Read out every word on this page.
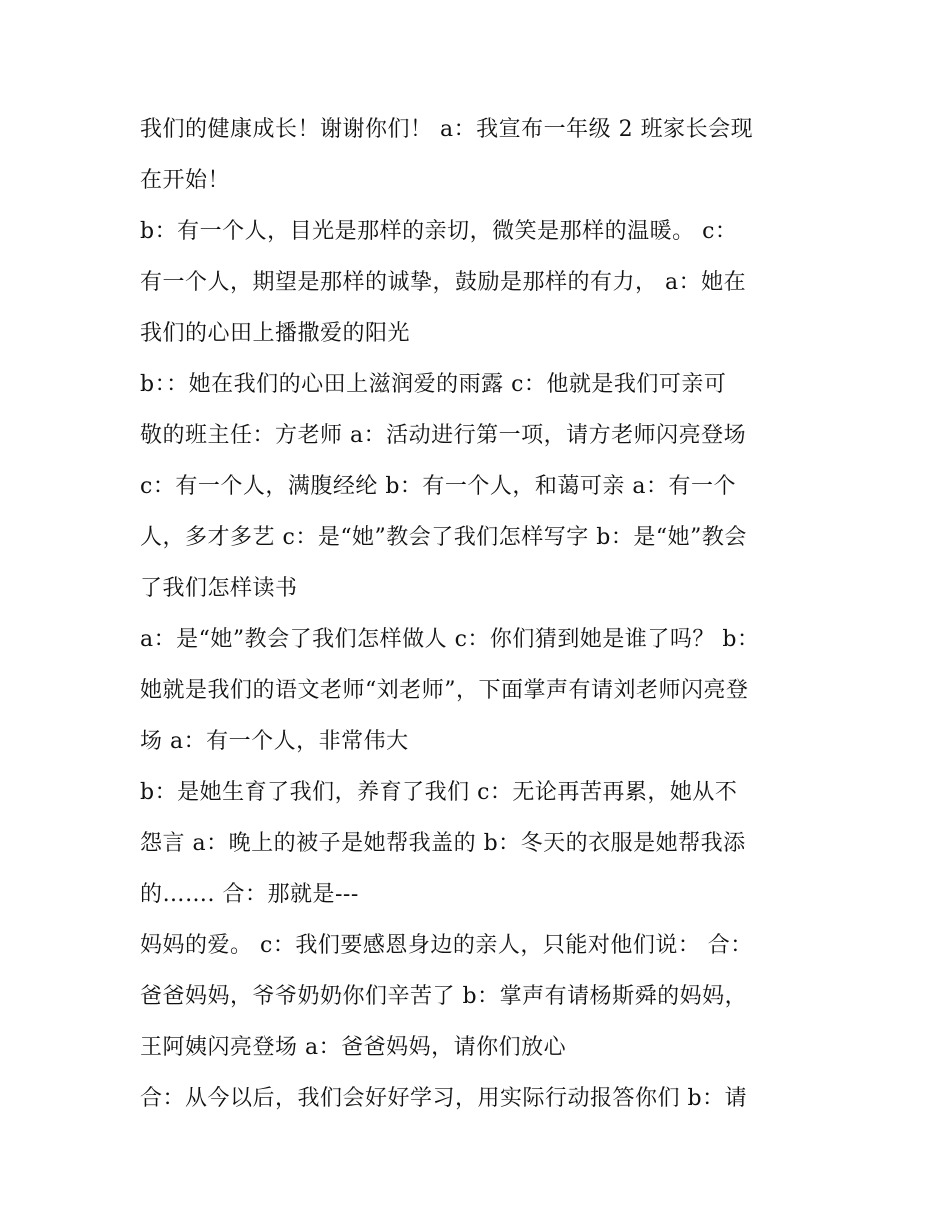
我们的健康成长！谢谢你们！ a：我宣布一年级 2 班家长会现
在开始！
b：有一个人，目光是那样的亲切，微笑是那样的温暖。 c：
有一个人，期望是那样的诚挚，鼓励是那样的有力， a：她在
我们的心田上播撒爱的阳光
b：：她在我们的心田上滋润爱的雨露 c：他就是我们可亲可
敬的班主任：方老师 a：活动进行第一项，请方老师闪亮登场
c：有一个人，满腹经纶 b：有一个人，和蔼可亲 a：有一个
人，多才多艺 c：是“她”教会了我们怎样写字 b：是“她”教会
了我们怎样读书
a：是“她”教会了我们怎样做人 c：你们猜到她是谁了吗？ b：
她就是我们的语文老师“刘老师”，下面掌声有请刘老师闪亮登
场 a：有一个人，非常伟大
b：是她生育了我们，养育了我们 c：无论再苦再累，她从不
怨言 a：晚上的被子是她帮我盖的 b：冬天的衣服是她帮我添
的……. 合：那就是---
妈妈的爱。 c：我们要感恩身边的亲人，只能对他们说： 合：
爸爸妈妈，爷爷奶奶你们辛苦了 b：掌声有请杨斯舜的妈妈，
王阿姨闪亮登场 a：爸爸妈妈，请你们放心
合：从今以后，我们会好好学习，用实际行动报答你们 b：请
